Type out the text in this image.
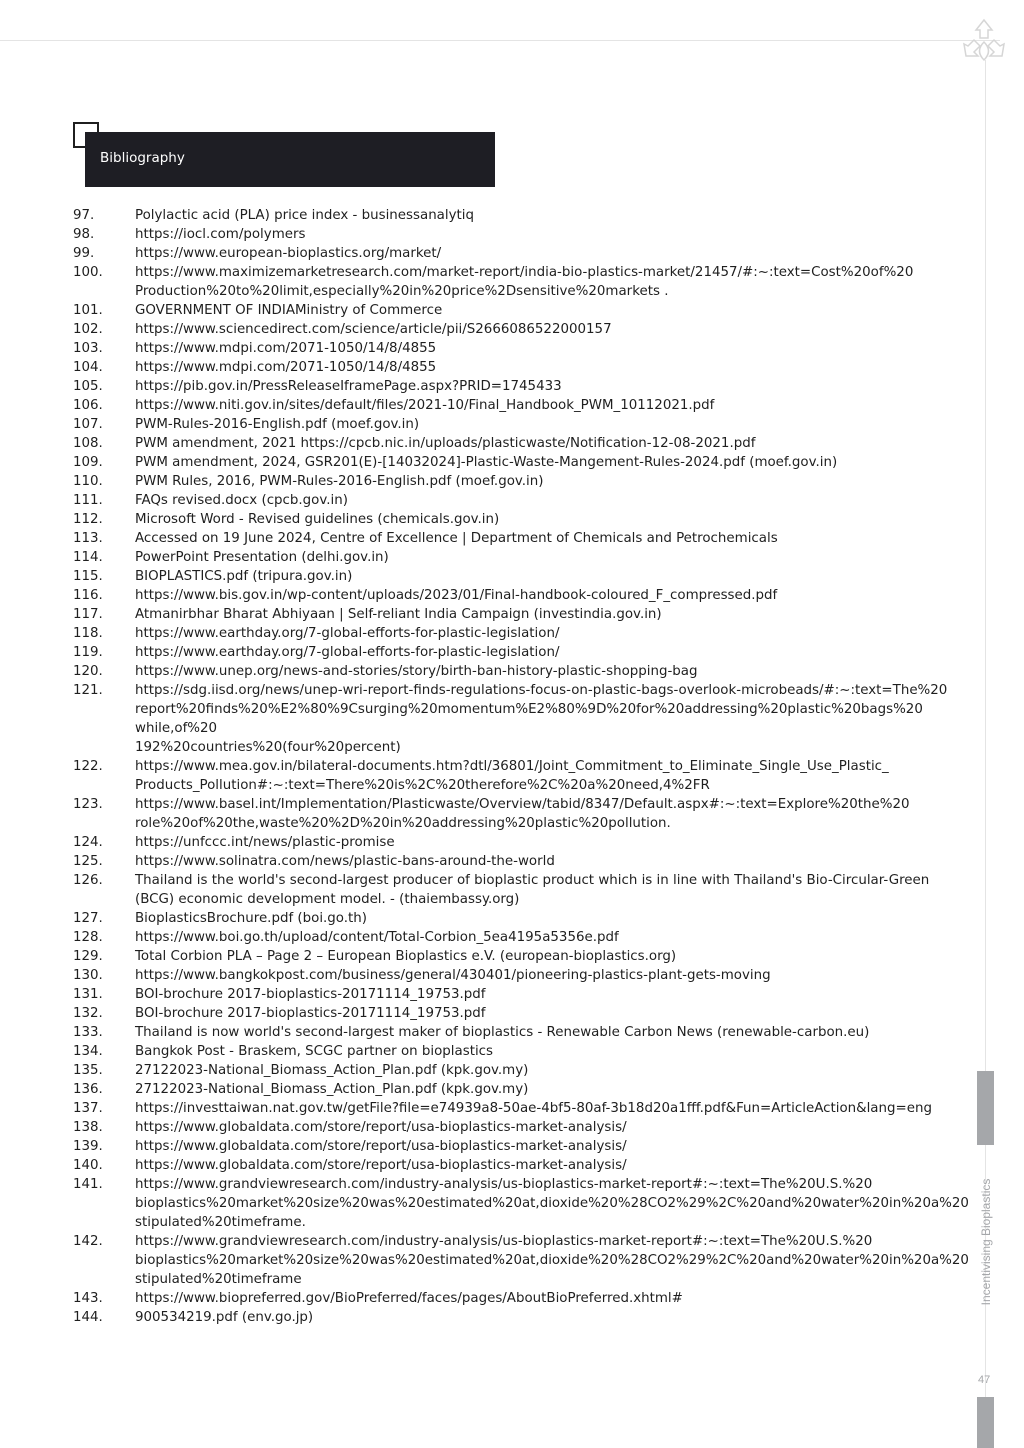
Incentivising Bioplastics
47
Bibliography
97.	Polylactic acid (PLA) price index - businessanalytiq
98.	https://iocl.com/polymers
99.	https://www.european-bioplastics.org/market/
100.	https://www.maximizemarketresearch.com/market-report/india-bio-plastics-market/21457/#:~:text=Cost%20of%20
Production%20to%20limit,especially%20in%20price%2Dsensitive%20markets .
101.	GOVERNMENT OF INDIAMinistry of Commerce
102.	https://www.sciencedirect.com/science/article/pii/S2666086522000157
103.	https://www.mdpi.com/2071-1050/14/8/4855
104.	https://www.mdpi.com/2071-1050/14/8/4855
105.	https://pib.gov.in/PressReleaseIframePage.aspx?PRID=1745433
106.	https://www.niti.gov.in/sites/default/files/2021-10/Final_Handbook_PWM_10112021.pdf
107.	PWM-Rules-2016-English.pdf (moef.gov.in)
108.	PWM amendment, 2021 https://cpcb.nic.in/uploads/plasticwaste/Notification-12-08-2021.pdf
109.	PWM amendment, 2024, GSR201(E)-[14032024]-Plastic-Waste-Mangement-Rules-2024.pdf (moef.gov.in)
110.	PWM Rules, 2016, PWM-Rules-2016-English.pdf (moef.gov.in)
111.	FAQs revised.docx (cpcb.gov.in)
112.	Microsoft Word - Revised guidelines (chemicals.gov.in)
113.	Accessed on 19 June 2024, Centre of Excellence | Department of Chemicals and Petrochemicals
114.	PowerPoint Presentation (delhi.gov.in)
115.	BIOPLASTICS.pdf (tripura.gov.in)
116.	https://www.bis.gov.in/wp-content/uploads/2023/01/Final-handbook-coloured_F_compressed.pdf
117.	Atmanirbhar Bharat Abhiyaan | Self-reliant India Campaign (investindia.gov.in)
118.	https://www.earthday.org/7-global-efforts-for-plastic-legislation/
119.	https://www.earthday.org/7-global-efforts-for-plastic-legislation/
120.	https://www.unep.org/news-and-stories/story/birth-ban-history-plastic-shopping-bag
121.	https://sdg.iisd.org/news/unep-wri-report-finds-regulations-focus-on-plastic-bags-overlook-microbeads/#:~:text=The%20
report%20finds%20%E2%80%9Csurging%20momentum%E2%80%9D%20for%20addressing%20plastic%20bags%20
while,of%20
192%20countries%20(four%20percent)
122.	https://www.mea.gov.in/bilateral-documents.htm?dtl/36801/Joint_Commitment_to_Eliminate_Single_Use_Plastic_
Products_Pollution#:~:text=There%20is%2C%20therefore%2C%20a%20need,4%2FR
123.	https://www.basel.int/Implementation/Plasticwaste/Overview/tabid/8347/Default.aspx#:~:text=Explore%20the%20
role%20of%20the,waste%20%2D%20in%20addressing%20plastic%20pollution.
124.	https://unfccc.int/news/plastic-promise
125.	https://www.solinatra.com/news/plastic-bans-around-the-world
126.	Thailand is the world's second-largest producer of bioplastic product which is in line with Thailand's Bio-Circular-Green
(BCG) economic development model. - (thaiembassy.org)
127.	BioplasticsBrochure.pdf (boi.go.th)
128.	https://www.boi.go.th/upload/content/Total-Corbion_5ea4195a5356e.pdf
129.	Total Corbion PLA – Page 2 – European Bioplastics e.V. (european-bioplastics.org)
130.	https://www.bangkokpost.com/business/general/430401/pioneering-plastics-plant-gets-moving
131.	BOI-brochure 2017-bioplastics-20171114_19753.pdf
132.	BOI-brochure 2017-bioplastics-20171114_19753.pdf
133.	Thailand is now world's second-largest maker of bioplastics - Renewable Carbon News (renewable-carbon.eu)
134.	Bangkok Post - Braskem, SCGC partner on bioplastics
135.	27122023-National_Biomass_Action_Plan.pdf (kpk.gov.my)
136.	27122023-National_Biomass_Action_Plan.pdf (kpk.gov.my)
137.	https://investtaiwan.nat.gov.tw/getFile?file=e74939a8-50ae-4bf5-80af-3b18d20a1fff.pdf&Fun=ArticleAction&lang=eng
138.	https://www.globaldata.com/store/report/usa-bioplastics-market-analysis/
139.	https://www.globaldata.com/store/report/usa-bioplastics-market-analysis/
140.	https://www.globaldata.com/store/report/usa-bioplastics-market-analysis/
141.	https://www.grandviewresearch.com/industry-analysis/us-bioplastics-market-report#:~:text=The%20U.S.%20
bioplastics%20market%20size%20was%20estimated%20at,dioxide%20%28CO2%29%2C%20and%20water%20in%20a%20
stipulated%20timeframe.
142.	https://www.grandviewresearch.com/industry-analysis/us-bioplastics-market-report#:~:text=The%20U.S.%20
bioplastics%20market%20size%20was%20estimated%20at,dioxide%20%28CO2%29%2C%20and%20water%20in%20a%20
stipulated%20timeframe
143.	https://www.biopreferred.gov/BioPreferred/faces/pages/AboutBioPreferred.xhtml#
144.	900534219.pdf (env.go.jp)
